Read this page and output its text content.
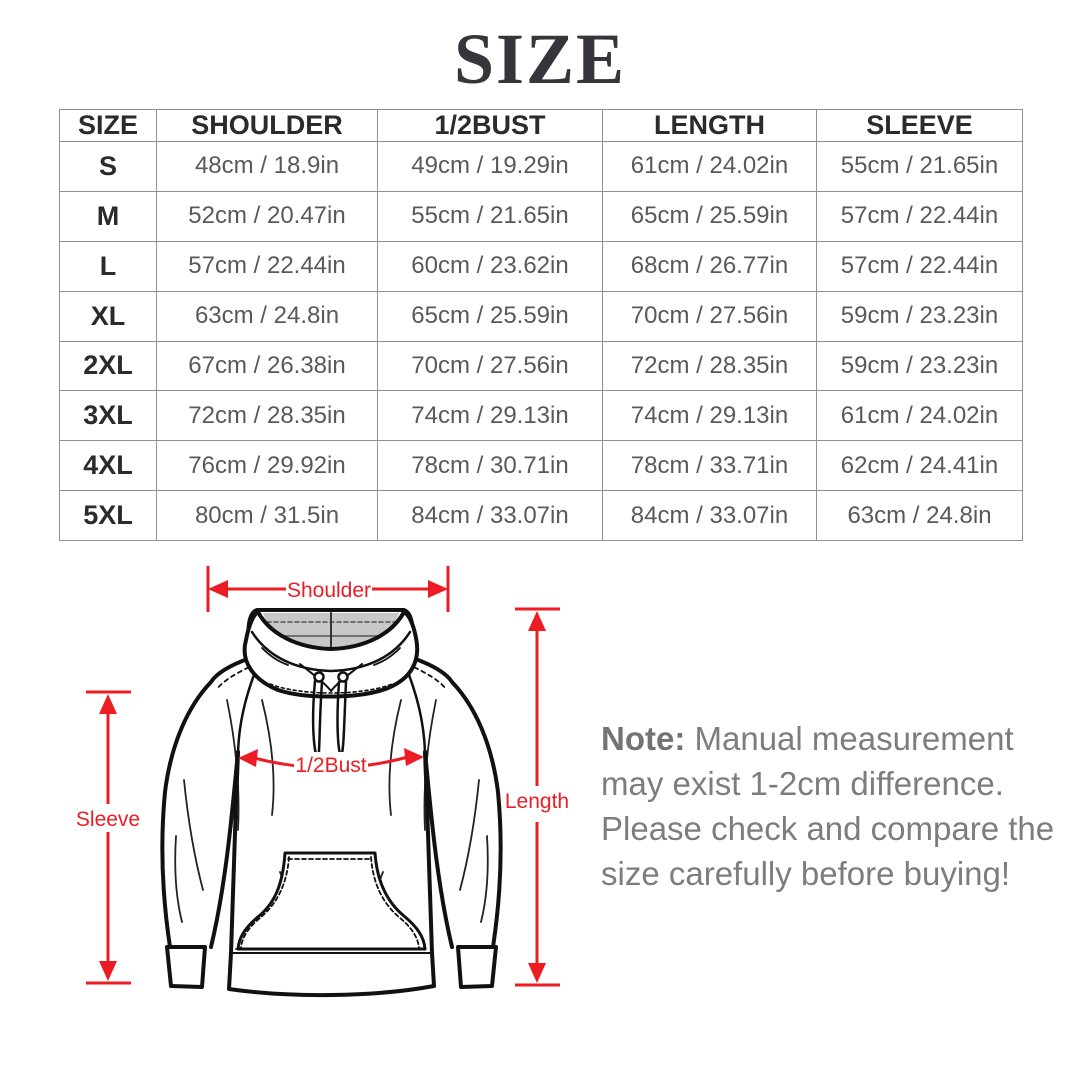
SIZE
SIZE	SHOULDER	1/2BUST	LENGTH	SLEEVE
S	48cm / 18.9in	49cm / 19.29in	61cm / 24.02in	55cm / 21.65in
M	52cm / 20.47in	55cm / 21.65in	65cm / 25.59in	57cm / 22.44in
L	57cm / 22.44in	60cm / 23.62in	68cm / 26.77in	57cm / 22.44in
XL	63cm / 24.8in	65cm / 25.59in	70cm / 27.56in	59cm / 23.23in
2XL	67cm / 26.38in	70cm / 27.56in	72cm / 28.35in	59cm / 23.23in
3XL	72cm / 28.35in	74cm / 29.13in	74cm / 29.13in	61cm / 24.02in
4XL	76cm / 29.92in	78cm / 30.71in	78cm / 33.71in	62cm / 24.41in
5XL	80cm / 31.5in	84cm / 33.07in	84cm / 33.07in	63cm / 24.8in
Shoulder
Sleeve
Length
1/2Bust
Note: Manual measurement may exist 1-2cm difference. Please check and compare the size carefully before buying!
